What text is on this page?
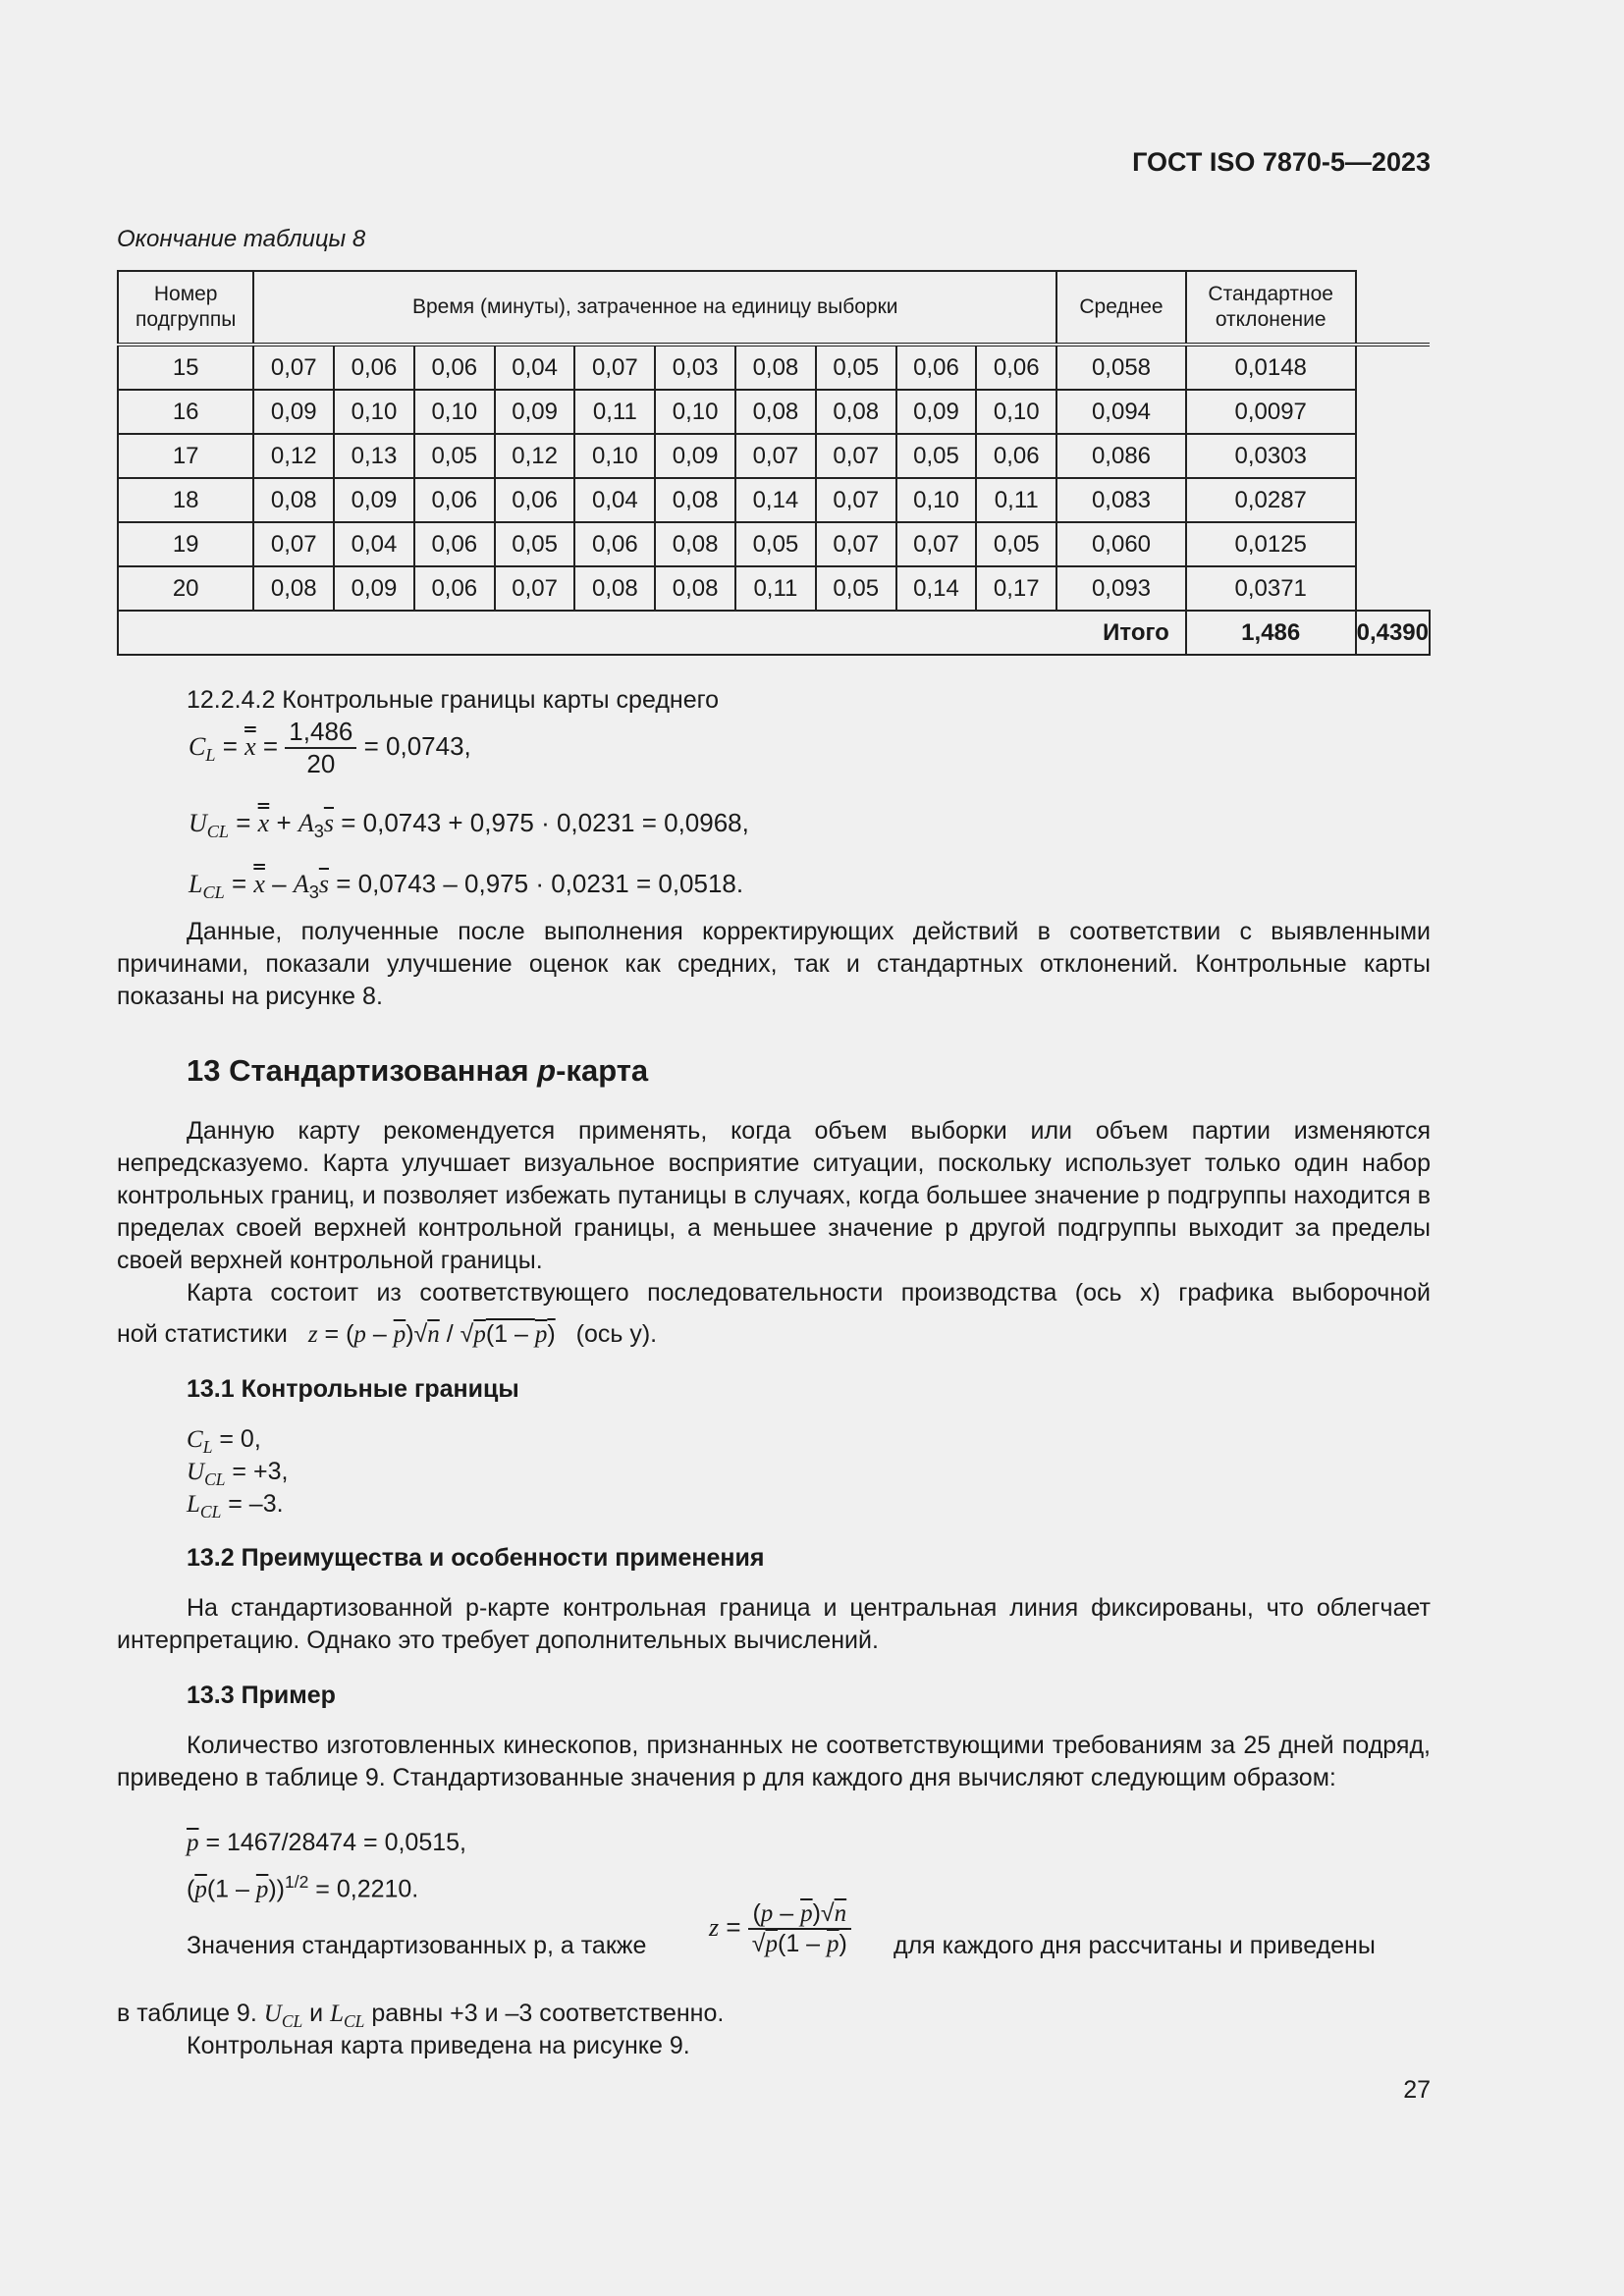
ГОСТ ISO 7870-5—2023
Окончание таблицы 8
Номер подгруппы	Время (минуты), затраченное на единицу выборки										Среднее	Стандартное отклонение	
15	0,07	0,06	0,06	0,04	0,07	0,03	0,08	0,05	0,06	0,06	0,058	0,0148	
16	0,09	0,10	0,10	0,09	0,11	0,10	0,08	0,08	0,09	0,10	0,094	0,0097	
17	0,12	0,13	0,05	0,12	0,10	0,09	0,07	0,07	0,05	0,06	0,086	0,0303	
18	0,08	0,09	0,06	0,06	0,04	0,08	0,14	0,07	0,10	0,11	0,083	0,0287	
19	0,07	0,04	0,06	0,05	0,06	0,08	0,05	0,07	0,07	0,05	0,060	0,0125	
20	0,08	0,09	0,06	0,07	0,08	0,08	0,11	0,05	0,14	0,17	0,093	0,0371	
Итого												1,486	0,4390
12.2.4.2 Контрольные границы карты среднего
$C_L = x = \frac{1,486}{20} = 0,0743$,
$U_{CL} = x + A_3\overline{s} = 0,0743 + 0,975 \cdot 0,0231 = 0,0968$,
$L_{CL} = x - A_3\overline{s} = 0,0743 - 0,975 \cdot 0,0231 = 0,0518$.
Данные, полученные после выполнения корректирующих действий в соответствии с выявленными причинами, показали улучшение оценок как средних, так и стандартных отклонений. Контрольные карты показаны на рисунке 8.
13 Стандартизованная p-карта
Данную карту рекомендуется применять, когда объем выборки или объем партии изменяются непредсказуемо. Карта улучшает визуальное восприятие ситуации, поскольку использует только один набор контрольных границ, и позволяет избежать путаницы в случаях, когда большее значение p подгруппы находится в пределах своей верхней контрольной границы, а меньшее значение p другой подгруппы выходит за пределы своей верхней контрольной границы.
Карта состоит из соответствующего последовательности производства (ось x) графика выборочной
ной статистики $z = (p - \overline{p})√n / √p(1 - p)$ (ось y).
13.1 Контрольные границы
$C_L = 0$,
$U_{CL} = +3$,
$L_{CL} = -3$.
13.2 Преимущества и особенности применения
На стандартизованной p-карте контрольная граница и центральная линия фиксированы, что облегчает интерпретацию. Однако это требует дополнительных вычислений.
13.3 Пример
Количество изготовленных кинескопов, признанных не соответствующими требованиям за 25 дней подряд, приведено в таблице 9. Стандартизованные значения p для каждого дня вычисляют следующим образом:
$\overline{p} = 1467/28474 = 0,0515$,
$(\overline{p}(1 - \overline{p}))^{1/2} = 0,2210$.
Значения стандартизованных p, а также
$z = \frac{(p - \overline{p})√n}{√p(1 - p)}$ для каждого дня рассчитаны и приведены
в таблице 9. $U_{CL}$ и $L_{CL}$ равны +3 и –3 соответственно.
Контрольная карта приведена на рисунке 9.
27
